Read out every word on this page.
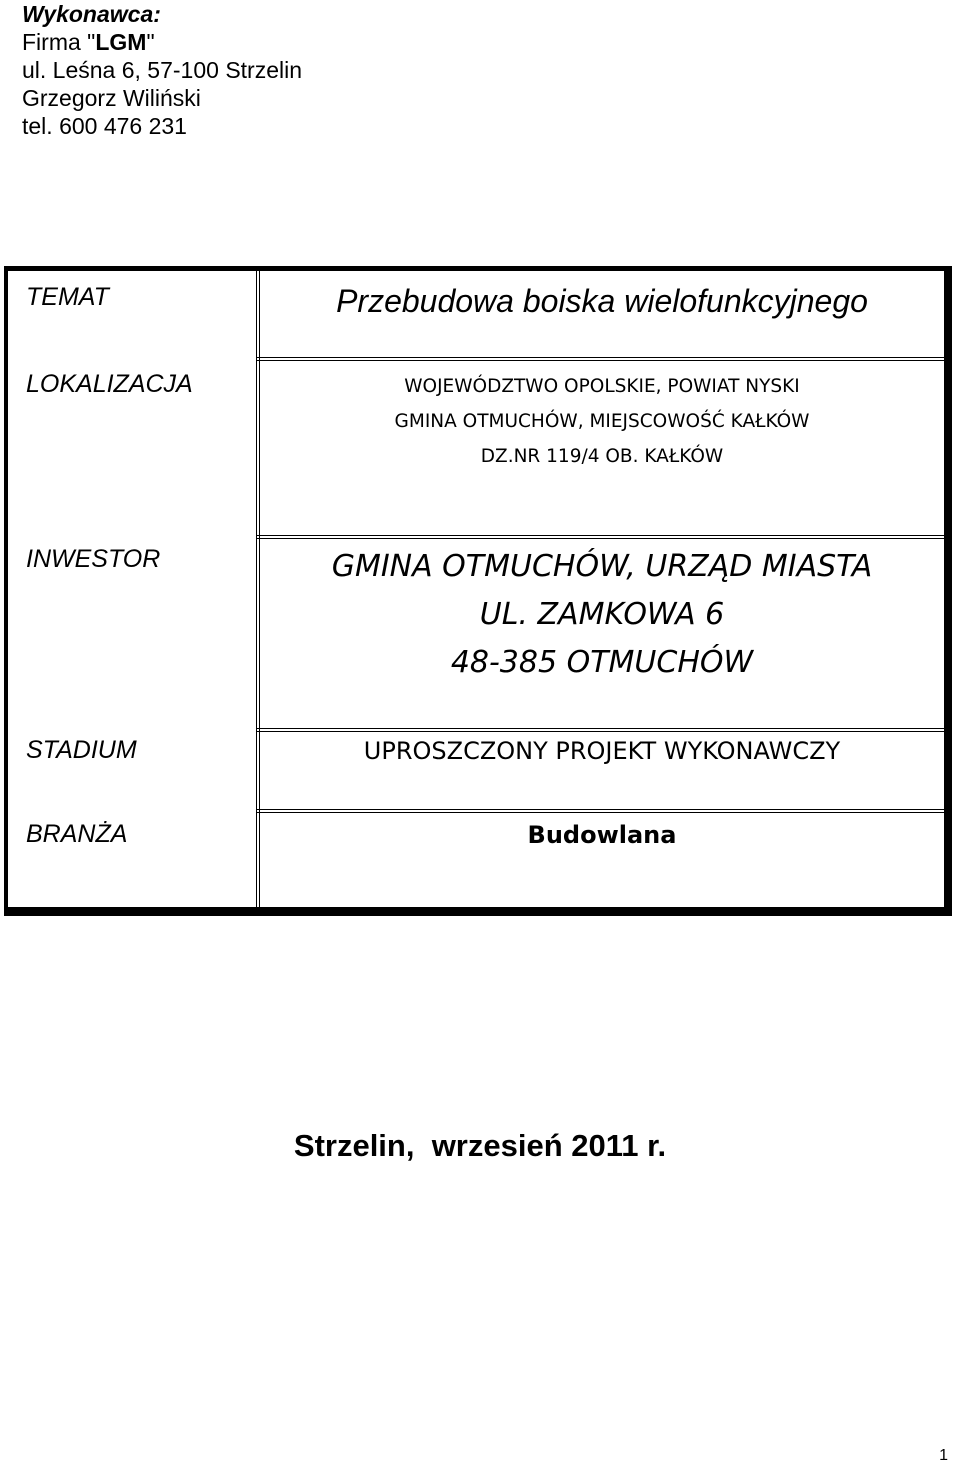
Wykonawca:
Firma "LGM"
ul. Leśna 6, 57-100 Strzelin
Grzegorz Wiliński
tel. 600 476 231
TEMAT	Przebudowa boiska wielofunkcyjnego
LOKALIZACJA	WOJEWÓDZTWO OPOLSKIE, POWIAT NYSKI
GMINA OTMUCHÓW, MIEJSCOWOŚĆ KAŁKÓW
DZ.NR 119/4 OB. KAŁKÓW
INWESTOR	GMINA OTMUCHÓW, URZĄD MIASTA
UL. ZAMKOWA 6
48-385 OTMUCHÓW
STADIUM	UPROSZCZONY PROJEKT WYKONAWCZY
BRANŻA	Budowlana
Strzelin,  wrzesień 2011 r.
1
